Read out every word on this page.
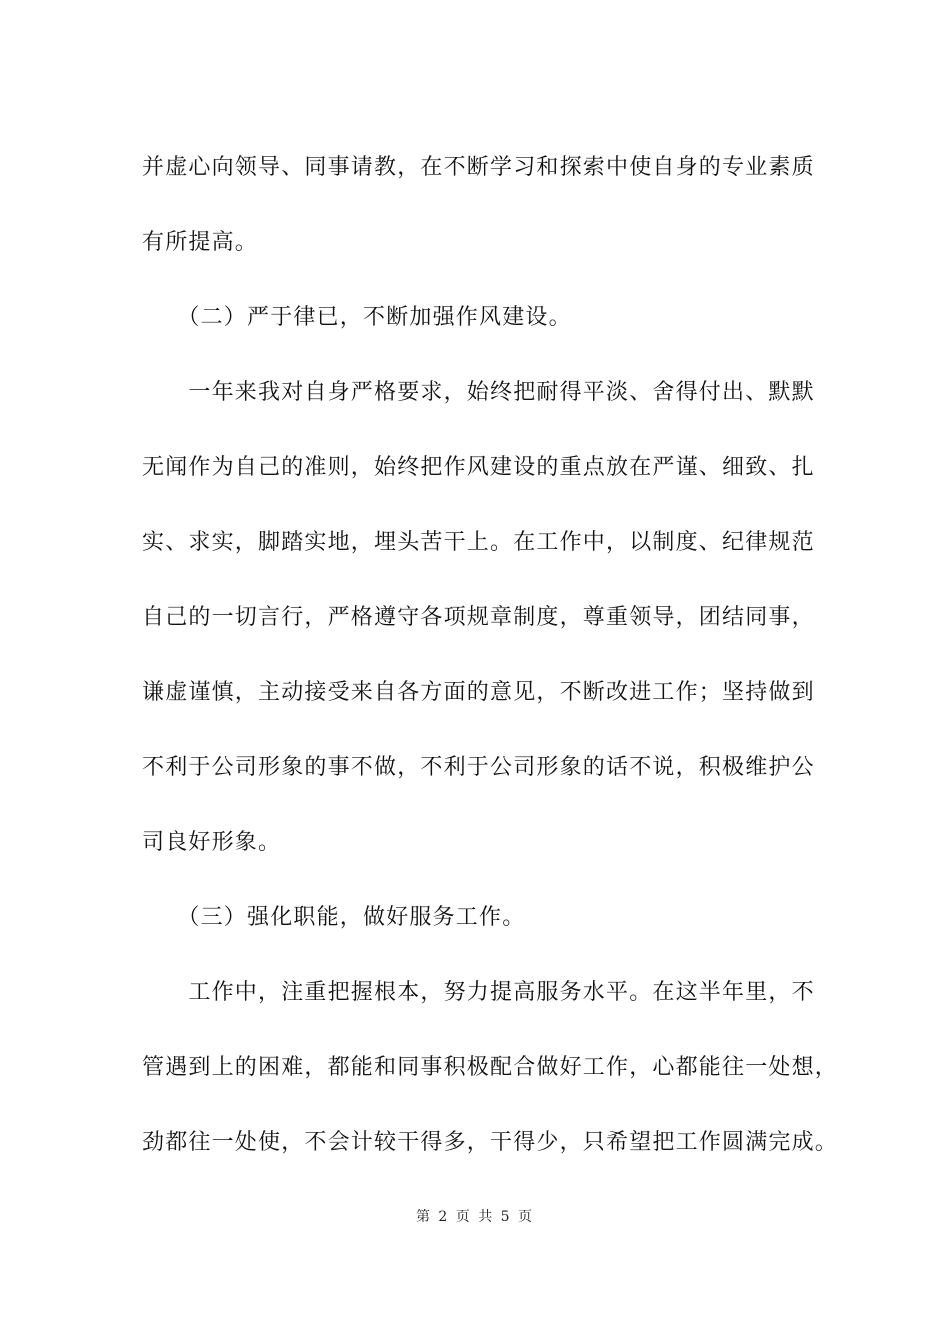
并虚心向领导、同事请教，在不断学习和探索中使自身的专业素质
有所提高。
　　（二）严于律已，不断加强作风建设。
　　一年来我对自身严格要求，始终把耐得平淡、舍得付出、默默
无闻作为自己的准则，始终把作风建设的重点放在严谨、细致、扎
实、求实，脚踏实地，埋头苦干上。在工作中，以制度、纪律规范
自己的一切言行，严格遵守各项规章制度，尊重领导，团结同事，
谦虚谨慎，主动接受来自各方面的意见，不断改进工作；坚持做到
不利于公司形象的事不做，不利于公司形象的话不说，积极维护公
司良好形象。
　　（三）强化职能，做好服务工作。
　　工作中，注重把握根本，努力提高服务水平。在这半年里，不
管遇到上的困难，都能和同事积极配合做好工作，心都能往一处想，
劲都往一处使，不会计较干得多，干得少，只希望把工作圆满完成。
第 2 页 共 5 页
